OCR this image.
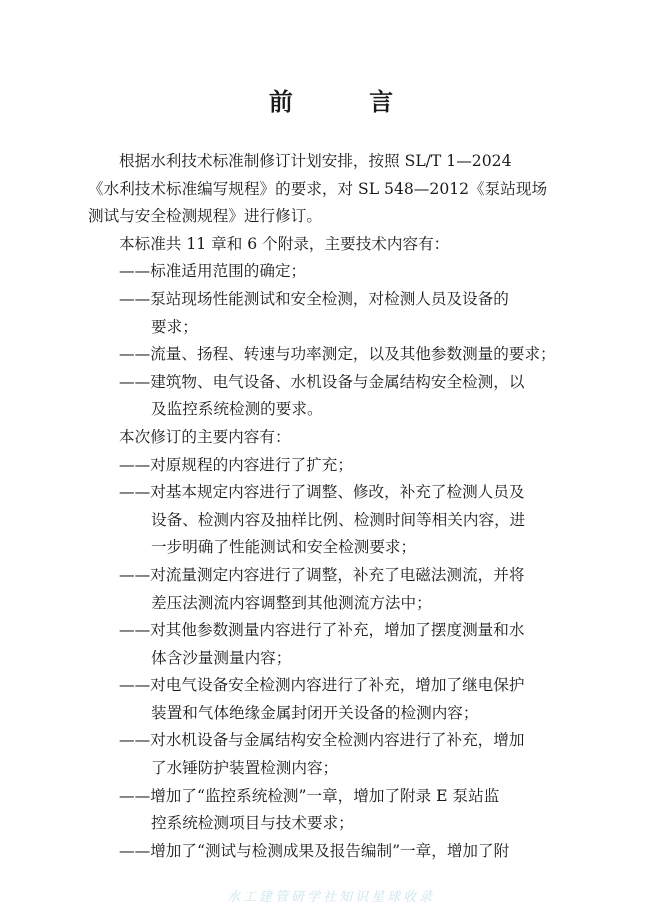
前 言
根据水利技术标准制修订计划安排，按照 SL/T 1—2024
《水利技术标准编写规程》的要求，对 SL 548—2012《泵站现场
测试与安全检测规程》进行修订。
本标准共 11 章和 6 个附录，主要技术内容有：
——标准适用范围的确定；
——泵站现场性能测试和安全检测，对检测人员及设备的
要求；
——流量、扬程、转速与功率测定，以及其他参数测量的要求；
——建筑物、电气设备、水机设备与金属结构安全检测，以
及监控系统检测的要求。
本次修订的主要内容有：
——对原规程的内容进行了扩充；
——对基本规定内容进行了调整、修改，补充了检测人员及
设备、检测内容及抽样比例、检测时间等相关内容，进
一步明确了性能测试和安全检测要求；
——对流量测定内容进行了调整，补充了电磁法测流，并将
差压法测流内容调整到其他测流方法中；
——对其他参数测量内容进行了补充，增加了摆度测量和水
体含沙量测量内容；
——对电气设备安全检测内容进行了补充，增加了继电保护
装置和气体绝缘金属封闭开关设备的检测内容；
——对水机设备与金属结构安全检测内容进行了补充，增加
了水锤防护装置检测内容；
——增加了“监控系统检测”一章，增加了附录 E 泵站监
控系统检测项目与技术要求；
——增加了“测试与检测成果及报告编制”一章，增加了附
水工建管研学社知识星球收录
